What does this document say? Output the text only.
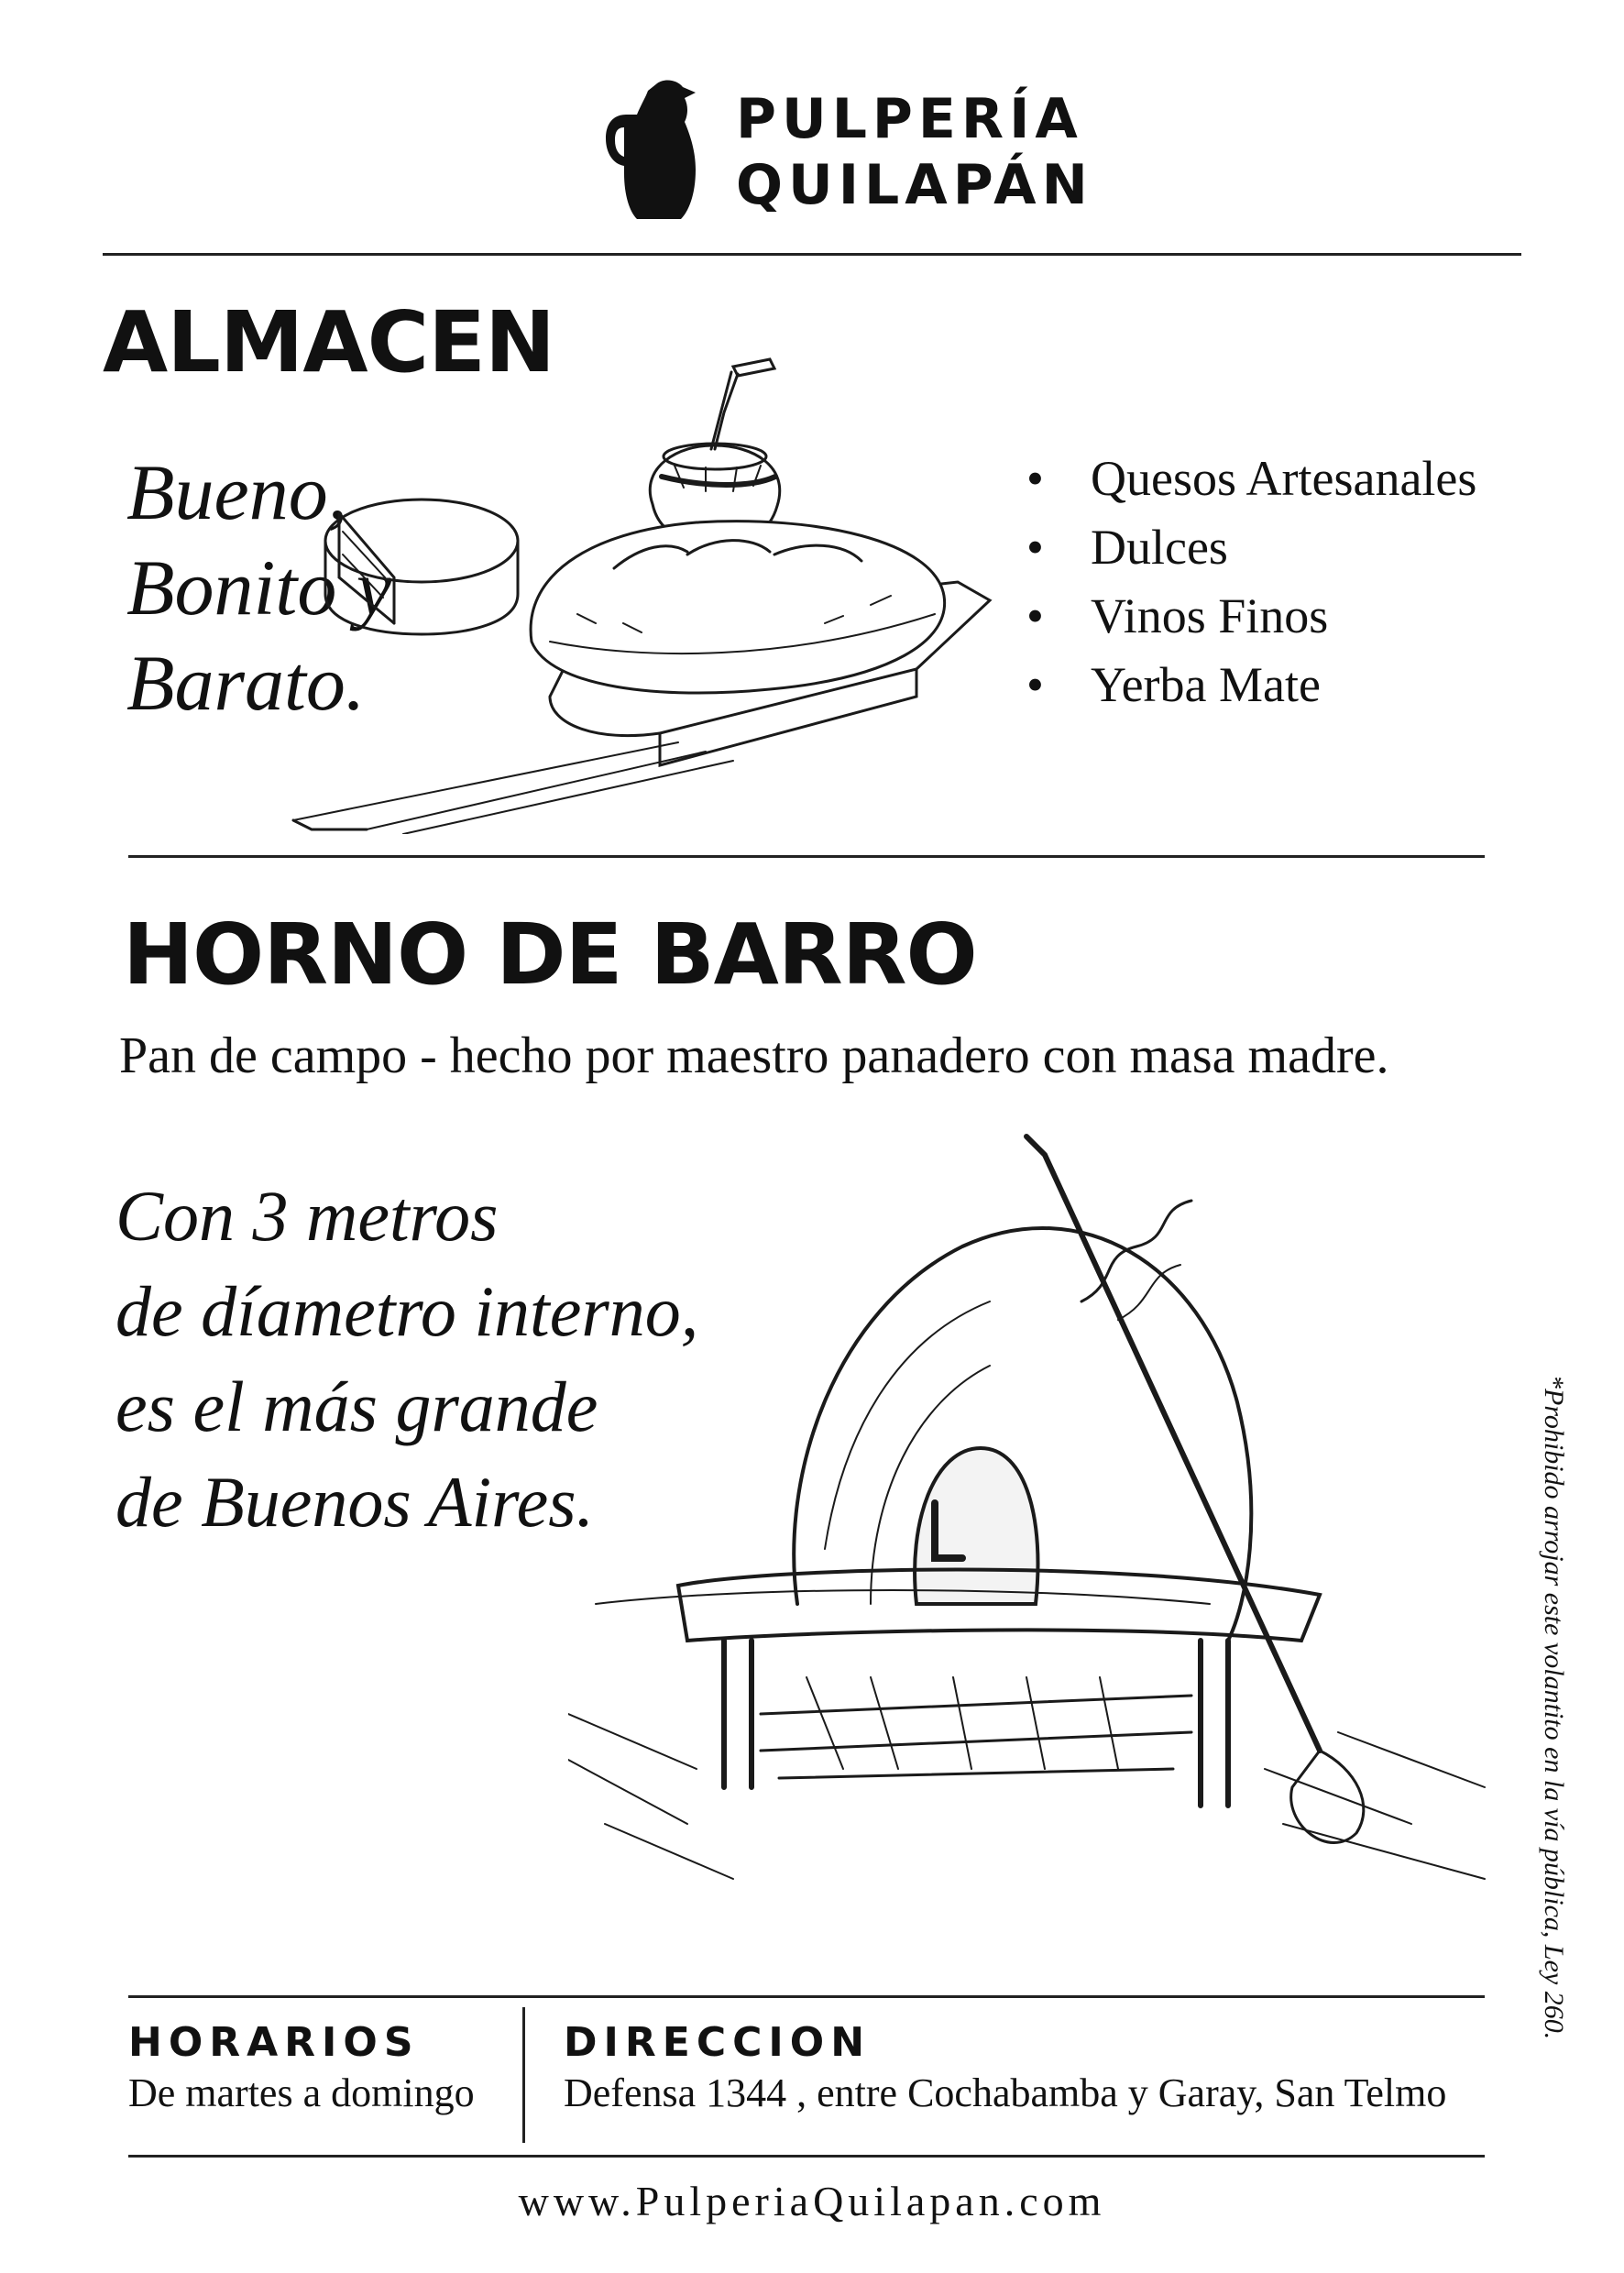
PULPERÍA
QUILAPÁN
ALMACEN
Bueno,
Bonito y
Barato.
• Quesos Artesanales
• Dulces
• Vinos Finos
• Yerba Mate
HORNO DE BARRO
Pan de campo - hecho por maestro panadero con masa madre.
Con 3 metros
de díametro interno,
es el más grande
de Buenos Aires.	*Prohibido arrojar este volantito en la vía pública, Ley 260.
HORARIOS
De martes a domingo
DIRECCION
Defensa 1344 , entre Cochabamba y Garay, San Telmo
www.PulperiaQuilapan.com
